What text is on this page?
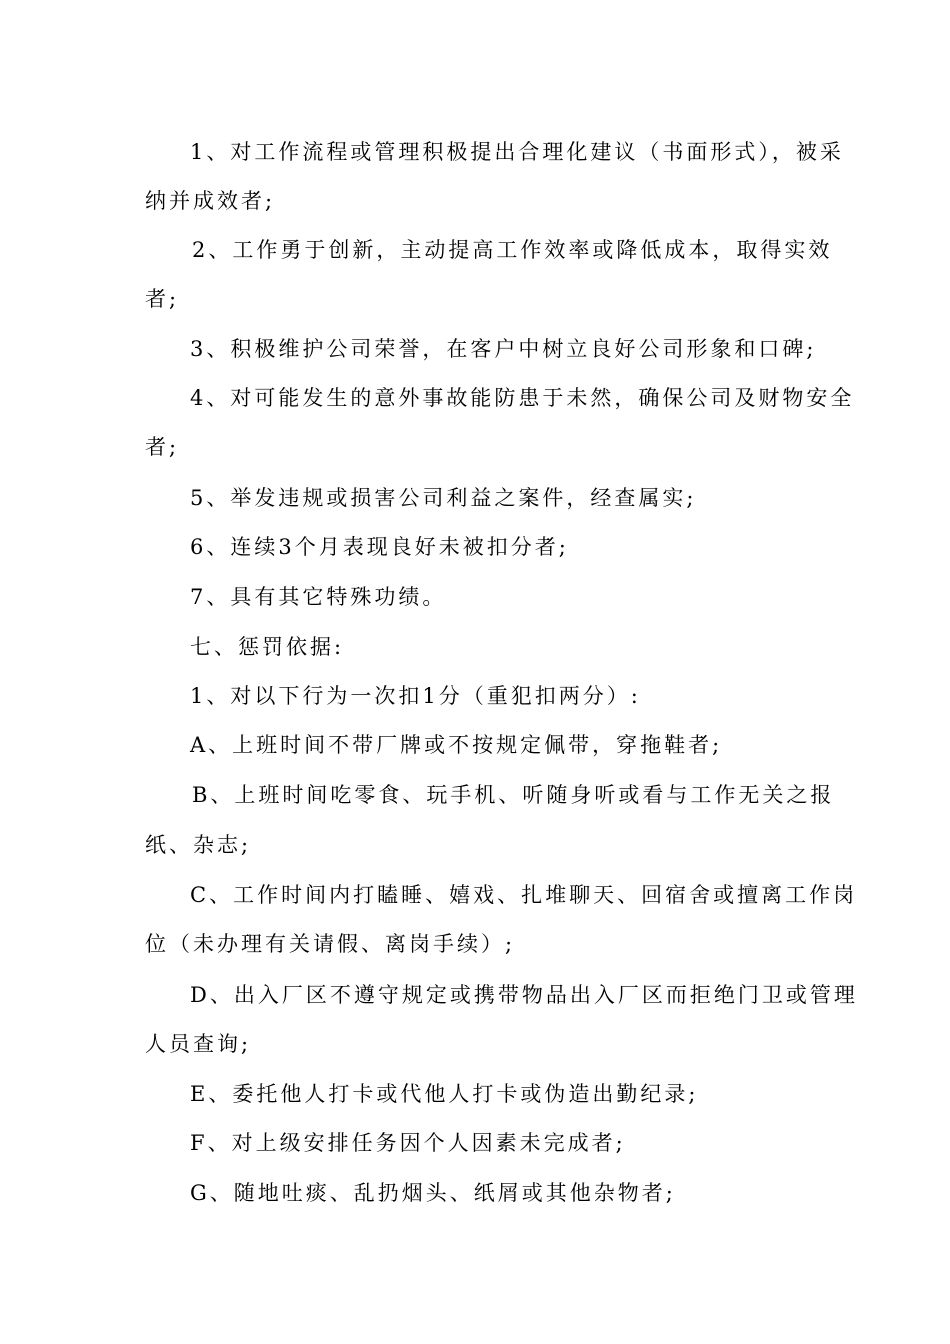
1、对工作流程或管理积极提出合理化建议（书面形式），被采

纳并成效者;

2、工作勇于创新，主动提高工作效率或降低成本，取得实效

者;

3、积极维护公司荣誉，在客户中树立良好公司形象和口碑;

4、对可能发生的意外事故能防患于未然，确保公司及财物安全

者;

5、举发违规或损害公司利益之案件，经查属实;

6、连续3个月表现良好未被扣分者;

7、具有其它特殊功绩。

七、惩罚依据:

1、对以下行为一次扣1分（重犯扣两分）:

A、上班时间不带厂牌或不按规定佩带，穿拖鞋者;

B、上班时间吃零食、玩手机、听随身听或看与工作无关之报

纸、杂志;

C、工作时间内打瞌睡、嬉戏、扎堆聊天、回宿舍或擅离工作岗

位（未办理有关请假、离岗手续）;

D、出入厂区不遵守规定或携带物品出入厂区而拒绝门卫或管理

人员查询;

E、委托他人打卡或代他人打卡或伪造出勤纪录;

F、对上级安排任务因个人因素未完成者;

G、随地吐痰、乱扔烟头、纸屑或其他杂物者;
